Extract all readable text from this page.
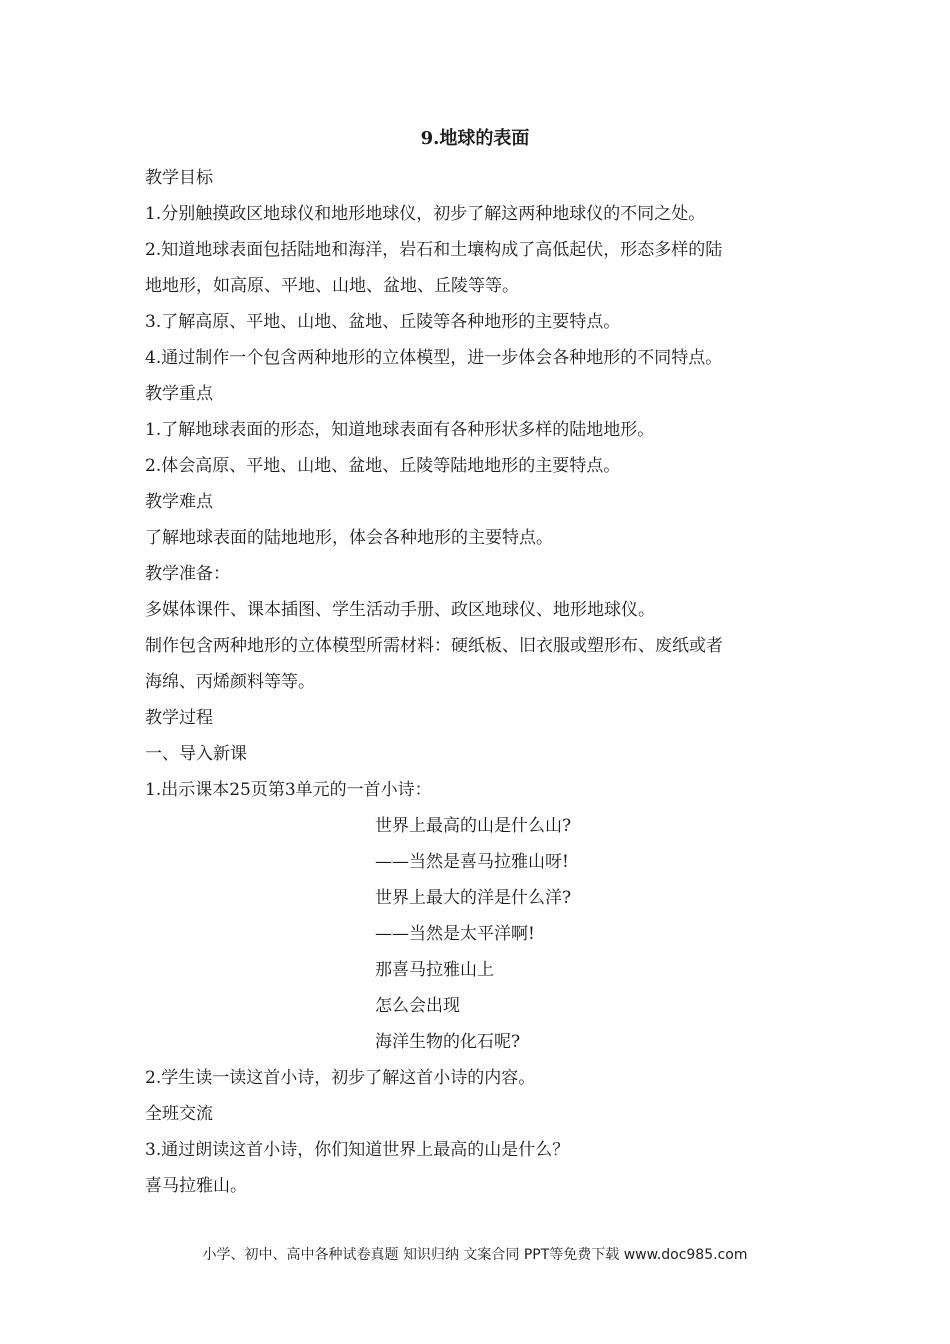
9.地球的表面
教学目标
1.分别触摸政区地球仪和地形地球仪，初步了解这两种地球仪的不同之处。
2.知道地球表面包括陆地和海洋，岩石和土壤构成了高低起伏，形态多样的陆
地地形，如高原、平地、山地、盆地、丘陵等等。
3.了解高原、平地、山地、盆地、丘陵等各种地形的主要特点。
4.通过制作一个包含两种地形的立体模型，进一步体会各种地形的不同特点。
教学重点
1.了解地球表面的形态，知道地球表面有各种形状多样的陆地地形。
2.体会高原、平地、山地、盆地、丘陵等陆地地形的主要特点。
教学难点
了解地球表面的陆地地形，体会各种地形的主要特点。
教学准备：
多媒体课件、课本插图、学生活动手册、政区地球仪、地形地球仪。
制作包含两种地形的立体模型所需材料：硬纸板、旧衣服或塑形布、废纸或者
海绵、丙烯颜料等等。
教学过程
一、导入新课
1.出示课本25页第3单元的一首小诗：
世界上最高的山是什么山?
——当然是喜马拉雅山呀!
世界上最大的洋是什么洋?
——当然是太平洋啊!
那喜马拉雅山上
怎么会出现
海洋生物的化石呢?
2.学生读一读这首小诗，初步了解这首小诗的内容。
全班交流
3.通过朗读这首小诗，你们知道世界上最高的山是什么？
喜马拉雅山。
小学、初中、高中各种试卷真题 知识归纳 文案合同 PPT等免费下载 www.doc985.com
